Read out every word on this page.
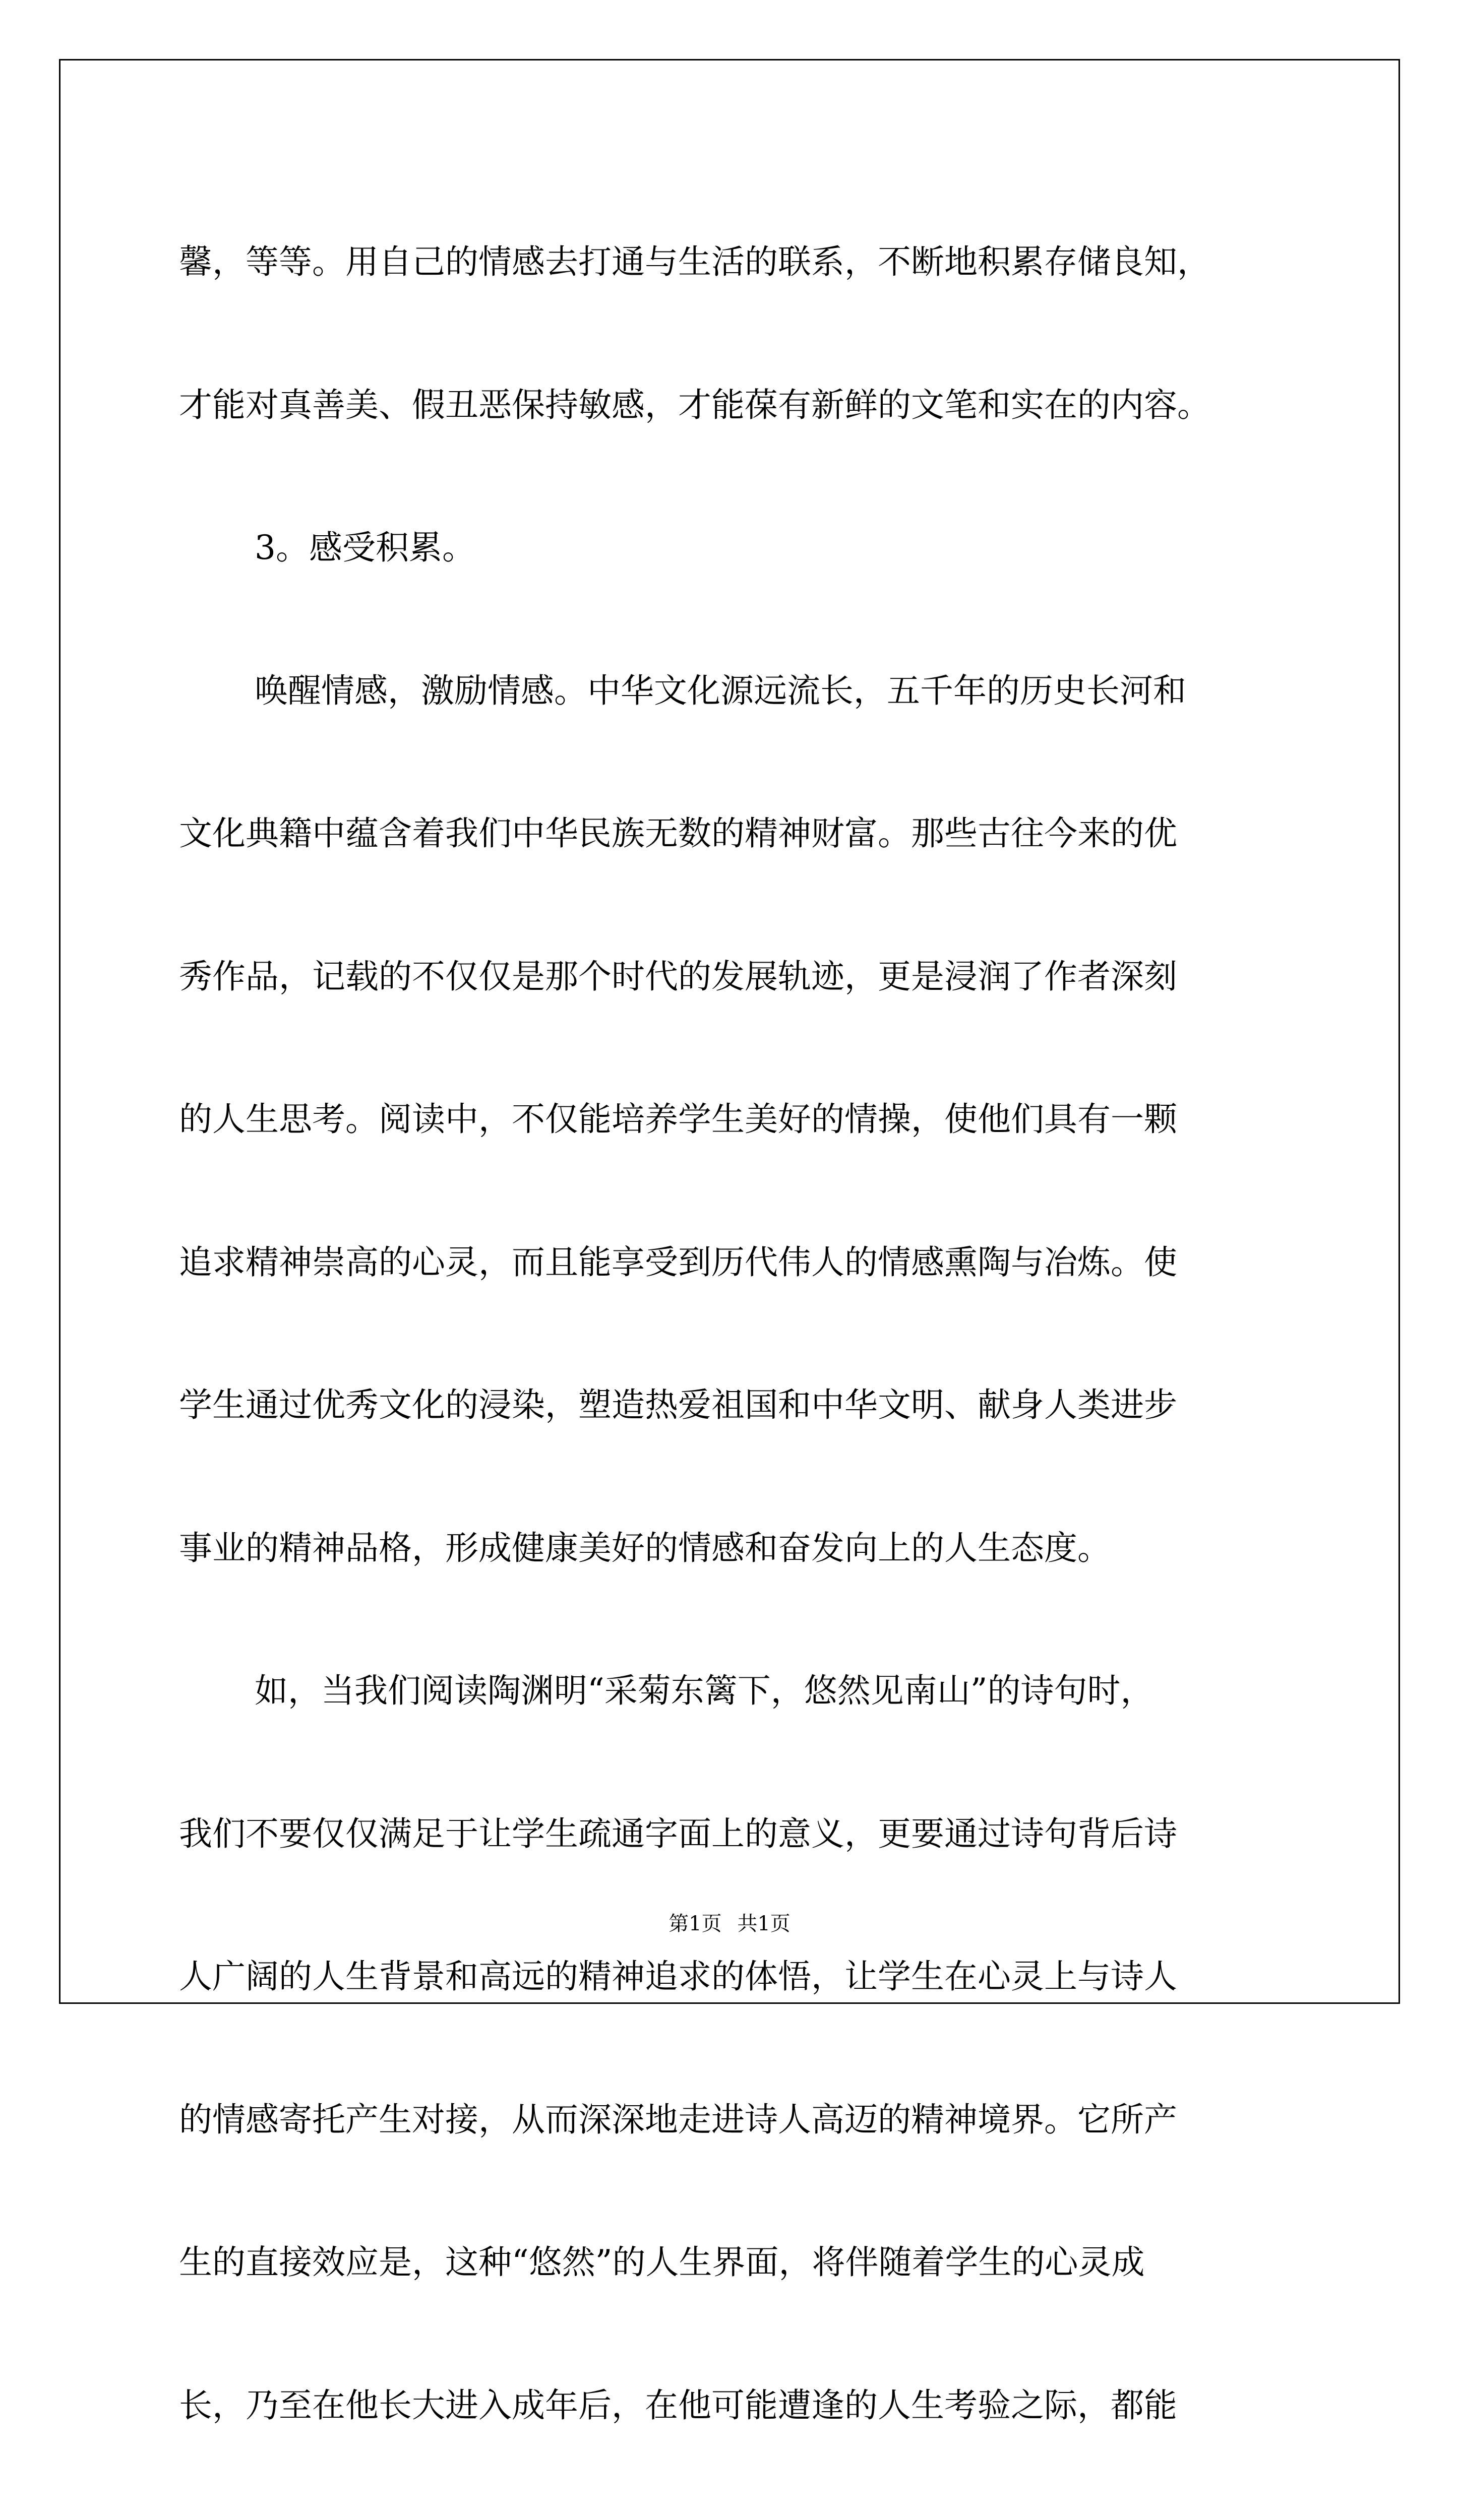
馨，等等。用自己的情感去打通与生活的联系，不断地积累存储良知，
才能对真善美、假丑恶保持敏感，才能葆有新鲜的文笔和实在的内容。
3。感受积累。
唤醒情感，激励情感。中华文化源远流长，五千年的历史长河和
文化典籍中蕴含着我们中华民族无数的精神财富。那些古往今来的优
秀作品，记载的不仅仅是那个时代的发展轨迹，更是浸润了作者深刻
的人生思考。阅读中，不仅能培养学生美好的情操，使他们具有一颗
追求精神崇高的心灵，而且能享受到历代伟人的情感熏陶与冶炼。使
学生通过优秀文化的浸染，塑造热爱祖国和中华文明、献身人类进步
事业的精神品格，形成健康美好的情感和奋发向上的人生态度。
如，当我们阅读陶渊明“采菊东篱下，悠然见南山”的诗句时，
我们不要仅仅满足于让学生疏通字面上的意义，更要通过诗句背后诗
人广阔的人生背景和高远的精神追求的体悟，让学生在心灵上与诗人
的情感寄托产生对接，从而深深地走进诗人高迈的精神境界。它所产
生的直接效应是，这种“悠然”的人生界面，将伴随着学生的心灵成
长，乃至在他长大进入成年后，在他可能遭逢的人生考验之际，都能
第1页 共1页
